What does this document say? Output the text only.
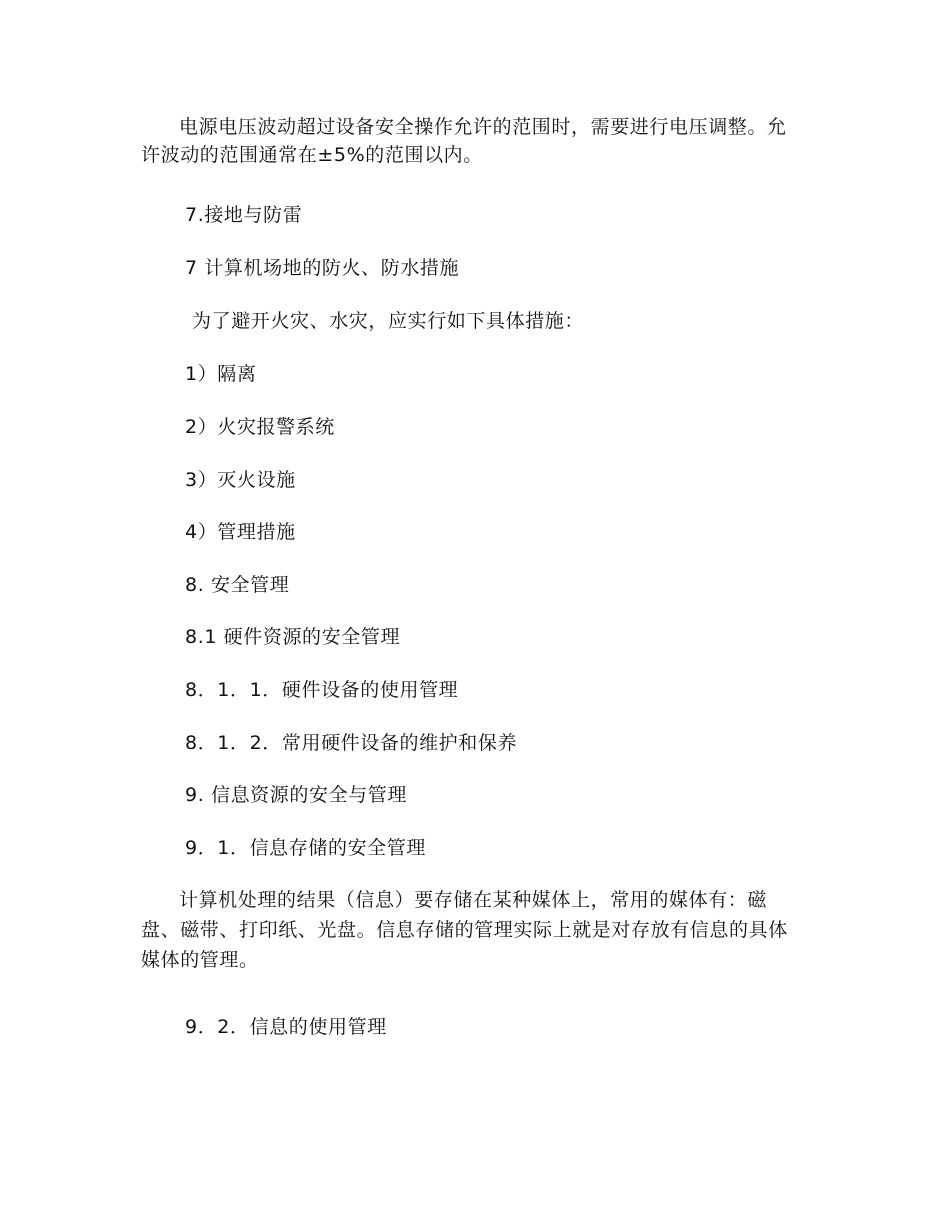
电源电压波动超过设备安全操作允许的范围时，需要进行电压调整。允许波动的范围通常在±5%的范围以内。
7.接地与防雷
7 计算机场地的防火、防水措施
为了避开火灾、水灾，应实行如下具体措施：
1）隔离
2）火灾报警系统
3）灭火设施
4）管理措施
8. 安全管理
8.1 硬件资源的安全管理
8．1．1．硬件设备的使用管理
8．1．2．常用硬件设备的维护和保养
9. 信息资源的安全与管理
9．1．信息存储的安全管理
计算机处理的结果（信息）要存储在某种媒体上，常用的媒体有：磁盘、磁带、打印纸、光盘。信息存储的管理实际上就是对存放有信息的具体媒体的管理。
9．2．信息的使用管理
